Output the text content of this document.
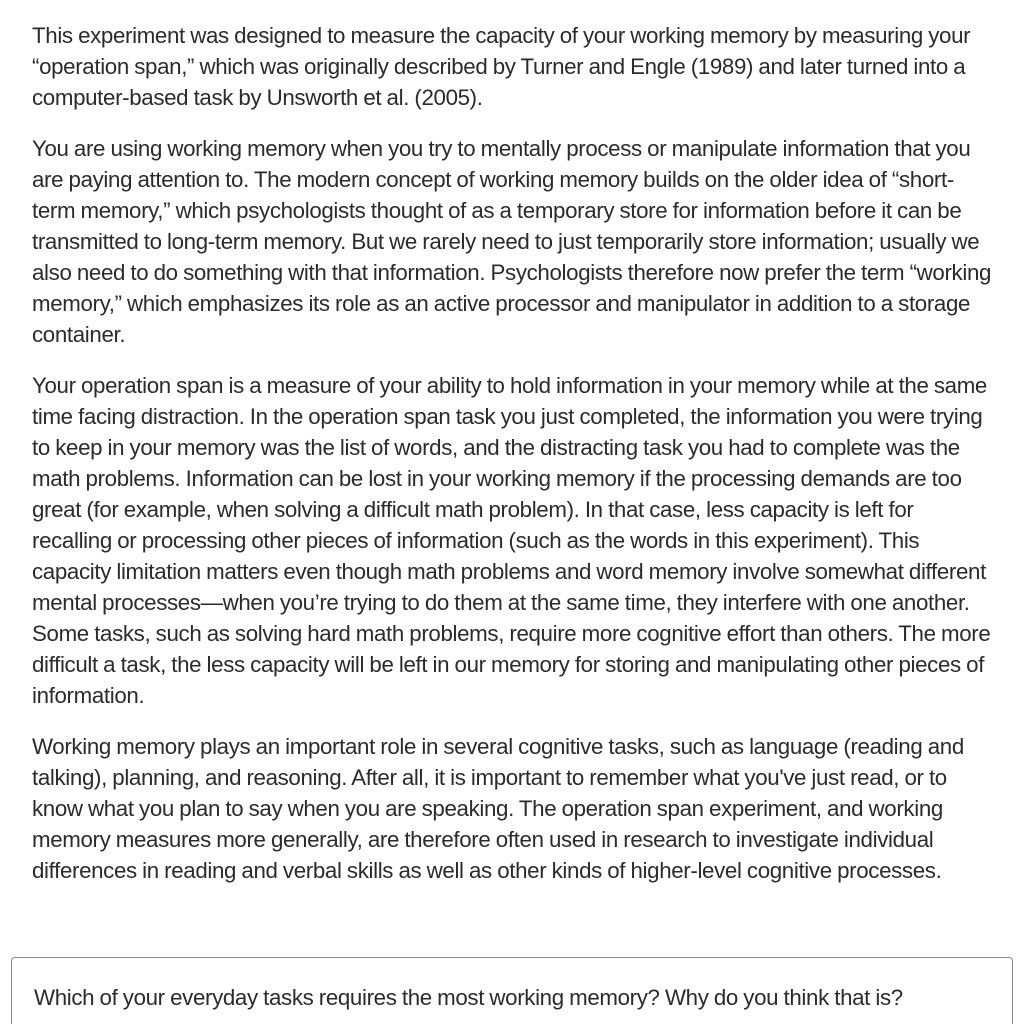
This experiment was designed to measure the capacity of your working memory by measuring your “operation span,” which was originally described by Turner and Engle (1989) and later turned into a computer-based task by Unsworth et al. (2005).

You are using working memory when you try to mentally process or manipulate information that you are paying attention to. The modern concept of working memory builds on the older idea of “short-term memory,” which psychologists thought of as a temporary store for information before it can be transmitted to long-term memory. But we rarely need to just temporarily store information; usually we also need to do something with that information. Psychologists therefore now prefer the term “working memory,” which emphasizes its role as an active processor and manipulator in addition to a storage container.

Your operation span is a measure of your ability to hold information in your memory while at the same time facing distraction. In the operation span task you just completed, the information you were trying to keep in your memory was the list of words, and the distracting task you had to complete was the math problems. Information can be lost in your working memory if the processing demands are too great (for example, when solving a difficult math problem). In that case, less capacity is left for recalling or processing other pieces of information (such as the words in this experiment). This capacity limitation matters even though math problems and word memory involve somewhat different mental processes—when you’re trying to do them at the same time, they interfere with one another. Some tasks, such as solving hard math problems, require more cognitive effort than others. The more difficult a task, the less capacity will be left in our memory for storing and manipulating other pieces of information.

Working memory plays an important role in several cognitive tasks, such as language (reading and talking), planning, and reasoning. After all, it is important to remember what you've just read, or to know what you plan to say when you are speaking. The operation span experiment, and working memory measures more generally, are therefore often used in research to investigate individual differences in reading and verbal skills as well as other kinds of higher-level cognitive processes.

Which of your everyday tasks requires the most working memory? Why do you think that is?
